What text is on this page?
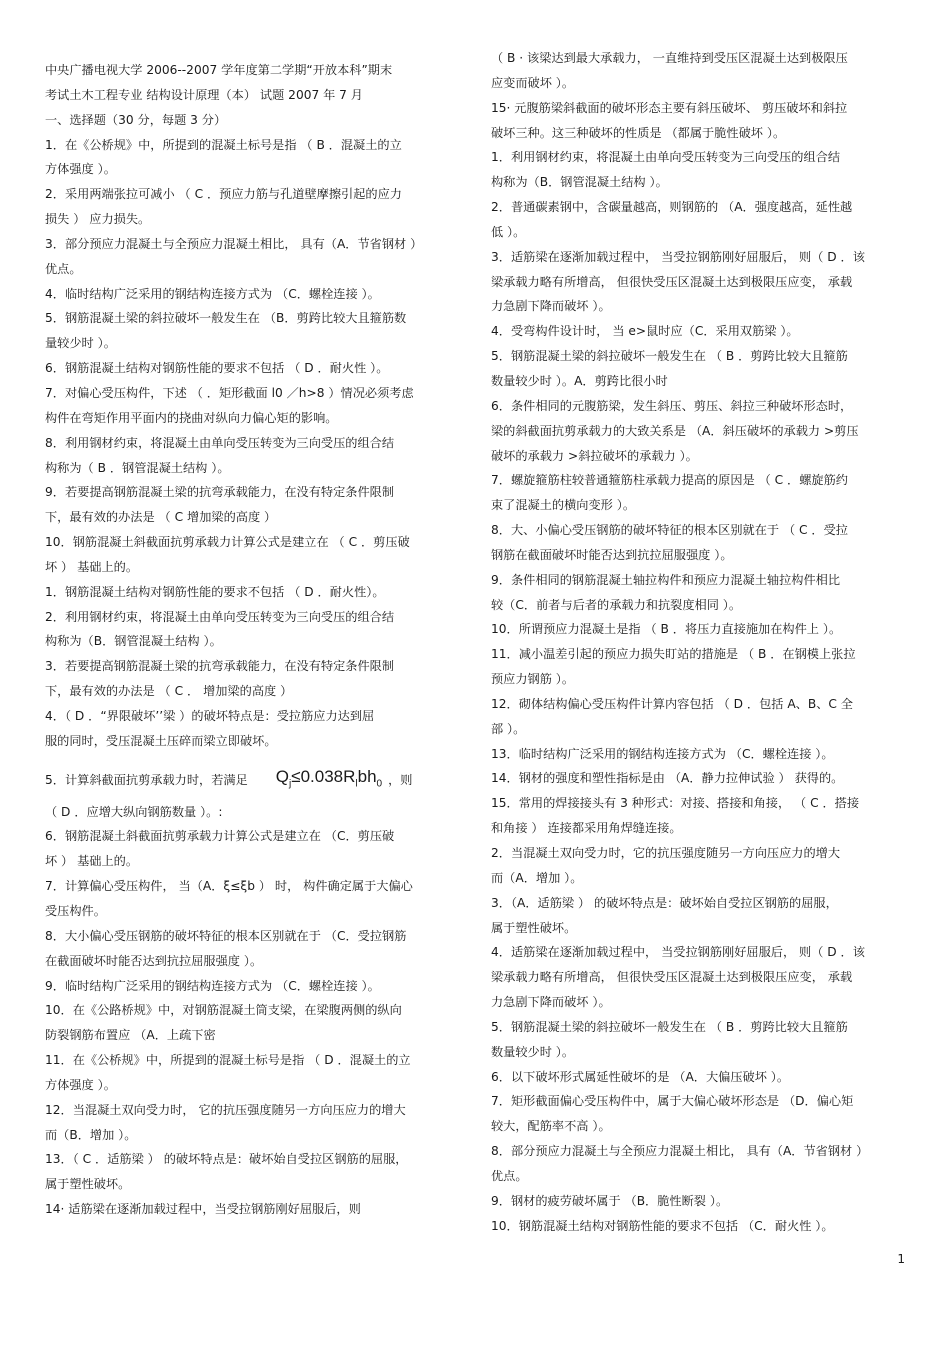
中央广播电视大学 2006--2007 学年度第二学期“开放本科”期末
考试土木工程专业 结构设计原理（本） 试题 2007 年 7 月
一、选择题（30 分，每题 3 分）
1．在《公桥规》中，所提到的混凝土标号是指 （ B ．混凝土的立
方体强度 ）。
2．采用两端张拉可减小 （ C ．预应力筋与孔道壁摩擦引起的应力
损失 ） 应力损失。
3．部分预应力混凝土与全预应力混凝土相比， 具有（A．节省钢材 ）
优点。
4．临时结构广泛采用的钢结构连接方式为 （C．螺栓连接 ）。
5．钢筋混凝土梁的斜拉破坏一般发生在 （B．剪跨比较大且箍筋数
量较少时 ）。
6．钢筋混凝土结构对钢筋性能的要求不包括 （ D ．耐火性 ）。
7．对偏心受压构件，下述 （ ．矩形截面 l0 ／h>8 ）情况必须考虑
构件在弯矩作用平面内的挠曲对纵向力偏心矩的影响。
8．利用钢材约束，将混凝土由单向受压转变为三向受压的组合结
构称为（ B ．钢管混凝土结构 ）。
9．若要提高钢筋混凝土梁的抗弯承载能力，在没有特定条件限制
下，最有效的办法是 （ C 增加梁的高度 ）
10．钢筋混凝土斜截面抗剪承载力计算公式是建立在 （ C ．剪压破
坏 ） 基础上的。
1．钢筋混凝土结构对钢筋性能的要求不包括 （ D ．耐火性）。
2．利用钢材约束，将混凝土由单向受压转变为三向受压的组合结
构称为（B．钢管混凝土结构 ）。
3．若要提高钢筋混凝土梁的抗弯承载能力，在没有特定条件限制
下，最有效的办法是 （ C ． 增加梁的高度 ）
4．（ D ．“界限破坏’’梁 ）的破坏特点是：受拉筋应力达到屈
服的同时，受压混凝土压碎而梁立即破坏。
5．计算斜截面抗剪承载力时，若满足 $Q_j\le 0.038R_lbh_0$ ，则
（ D ．应增大纵向钢筋数量 ）。:
6．钢筋混凝土斜截面抗剪承载力计算公式是建立在 （C．剪压破
坏 ） 基础上的。
7．计算偏心受压构件， 当（A．ξ≤ξb ） 时， 构件确定属于大偏心
受压构件。
8．大小偏心受压钢筋的破坏特征的根本区别就在于 （C．受拉钢筋
在截面破坏时能否达到抗拉屈服强度 ）。
9．临时结构广泛采用的钢结构连接方式为 （C．螺栓连接 ）。
10．在《公路桥规》中，对钢筋混凝土筒支梁，在梁腹两侧的纵向
防裂钢筋布置应 （A．上疏下密
11．在《公桥规》中，所提到的混凝土标号是指 （ D ．混凝土的立
方体强度 ）。
12．当混凝土双向受力时， 它的抗压强度随另一方向压应力的增大
而（B．增加 ）。
13．（ C ．适筋梁 ） 的破坏特点是：破坏始自受拉区钢筋的屈服，
属于塑性破坏。
14· 适筋梁在逐渐加载过程中，当受拉钢筋刚好屈服后，则
（ B · 该梁达到最大承载力， 一直维持到受压区混凝土达到极限压
应变而破坏 ）。
15· 元腹筋梁斜截面的破坏形态主要有斜压破坏、 剪压破坏和斜拉
破坏三种。这三种破坏的性质是 （都属于脆性破坏 ）。
1．利用钢材约束，将混凝土由单向受压转变为三向受压的组合结
构称为（B．钢管混凝土结构 ）。
2．普通碳素钢中，含碳量越高，则钢筋的 （A．强度越高，延性越
低 ）。
3．适筋梁在逐渐加载过程中， 当受拉钢筋刚好屈服后， 则（ D ．该
梁承载力略有所增高， 但很快受压区混凝土达到极限压应变， 承载
力急剧下降而破坏 ）。
4．受弯构件设计时， 当 e>鼠时应（C．采用双筋梁 ）。
5．钢筋混凝土梁的斜拉破坏一般发生在 （ B ．剪跨比较大且箍筋
数量较少时 ）。A．剪跨比很小时
6．条件相同的元腹筋梁，发生斜压、剪压、斜拉三种破坏形态时，
梁的斜截面抗剪承载力的大致关系是 （A．斜压破坏的承载力 >剪压
破坏的承载力 >斜拉破坏的承载力 ）。
7．螺旋箍筋柱较普通箍筋柱承载力提高的原因是 （ C ．螺旋筋约
束了混凝土的横向变形 ）。
8．大、小偏心受压钢筋的破坏特征的根本区别就在于 （ C ．受拉
钢筋在截面破坏时能否达到抗拉屈服强度 ）。
9．条件相同的钢筋混凝土轴拉构件和预应力混凝土轴拉构件相比
较（C．前者与后者的承载力和抗裂度相同 ）。
10．所谓预应力混凝土是指 （ B ．将压力直接施加在构件上 ）。
11．减小温差引起的预应力损失盯站的措施是 （ B ．在钢模上张拉
预应力钢筋 ）。
12．砌体结构偏心受压构件计算内容包括 （ D ．包括 A、B、C 全
部 ）。
13．临时结构广泛采用的钢结构连接方式为 （C．螺栓连接 ）。
14．钢材的强度和塑性指标是由 （A．静力拉伸试验 ） 获得的。
15．常用的焊接接头有 3 种形式：对接、搭接和角接， （ C ．搭接
和角接 ） 连接都采用角焊缝连接。
2．当混凝土双向受力时，它的抗压强度随另一方向压应力的增大
而（A．增加 ）。
3．（A．适筋梁 ） 的破坏特点是：破坏始自受拉区钢筋的屈服，
属于塑性破坏。
4．适筋梁在逐渐加载过程中， 当受拉钢筋刚好屈服后， 则（ D ．该
梁承载力略有所增高， 但很快受压区混凝土达到极限压应变， 承载
力急剧下降而破坏 ）。
5．钢筋混凝土梁的斜拉破坏一般发生在 （ B ．剪跨比较大且箍筋
数量较少时 ）。
6．以下破坏形式属延性破坏的是 （A．大偏压破坏 ）。
7．矩形截面偏心受压构件中，属于大偏心破坏形态是 （D．偏心矩
较大，配筋率不高 ）。
8．部分预应力混凝土与全预应力混凝土相比， 具有（A．节省钢材 ）
优点。
9．钢材的疲劳破坏属于 （B．脆性断裂 ）。
10．钢筋混凝土结构对钢筋性能的要求不包括 （C．耐火性 ）。
1
